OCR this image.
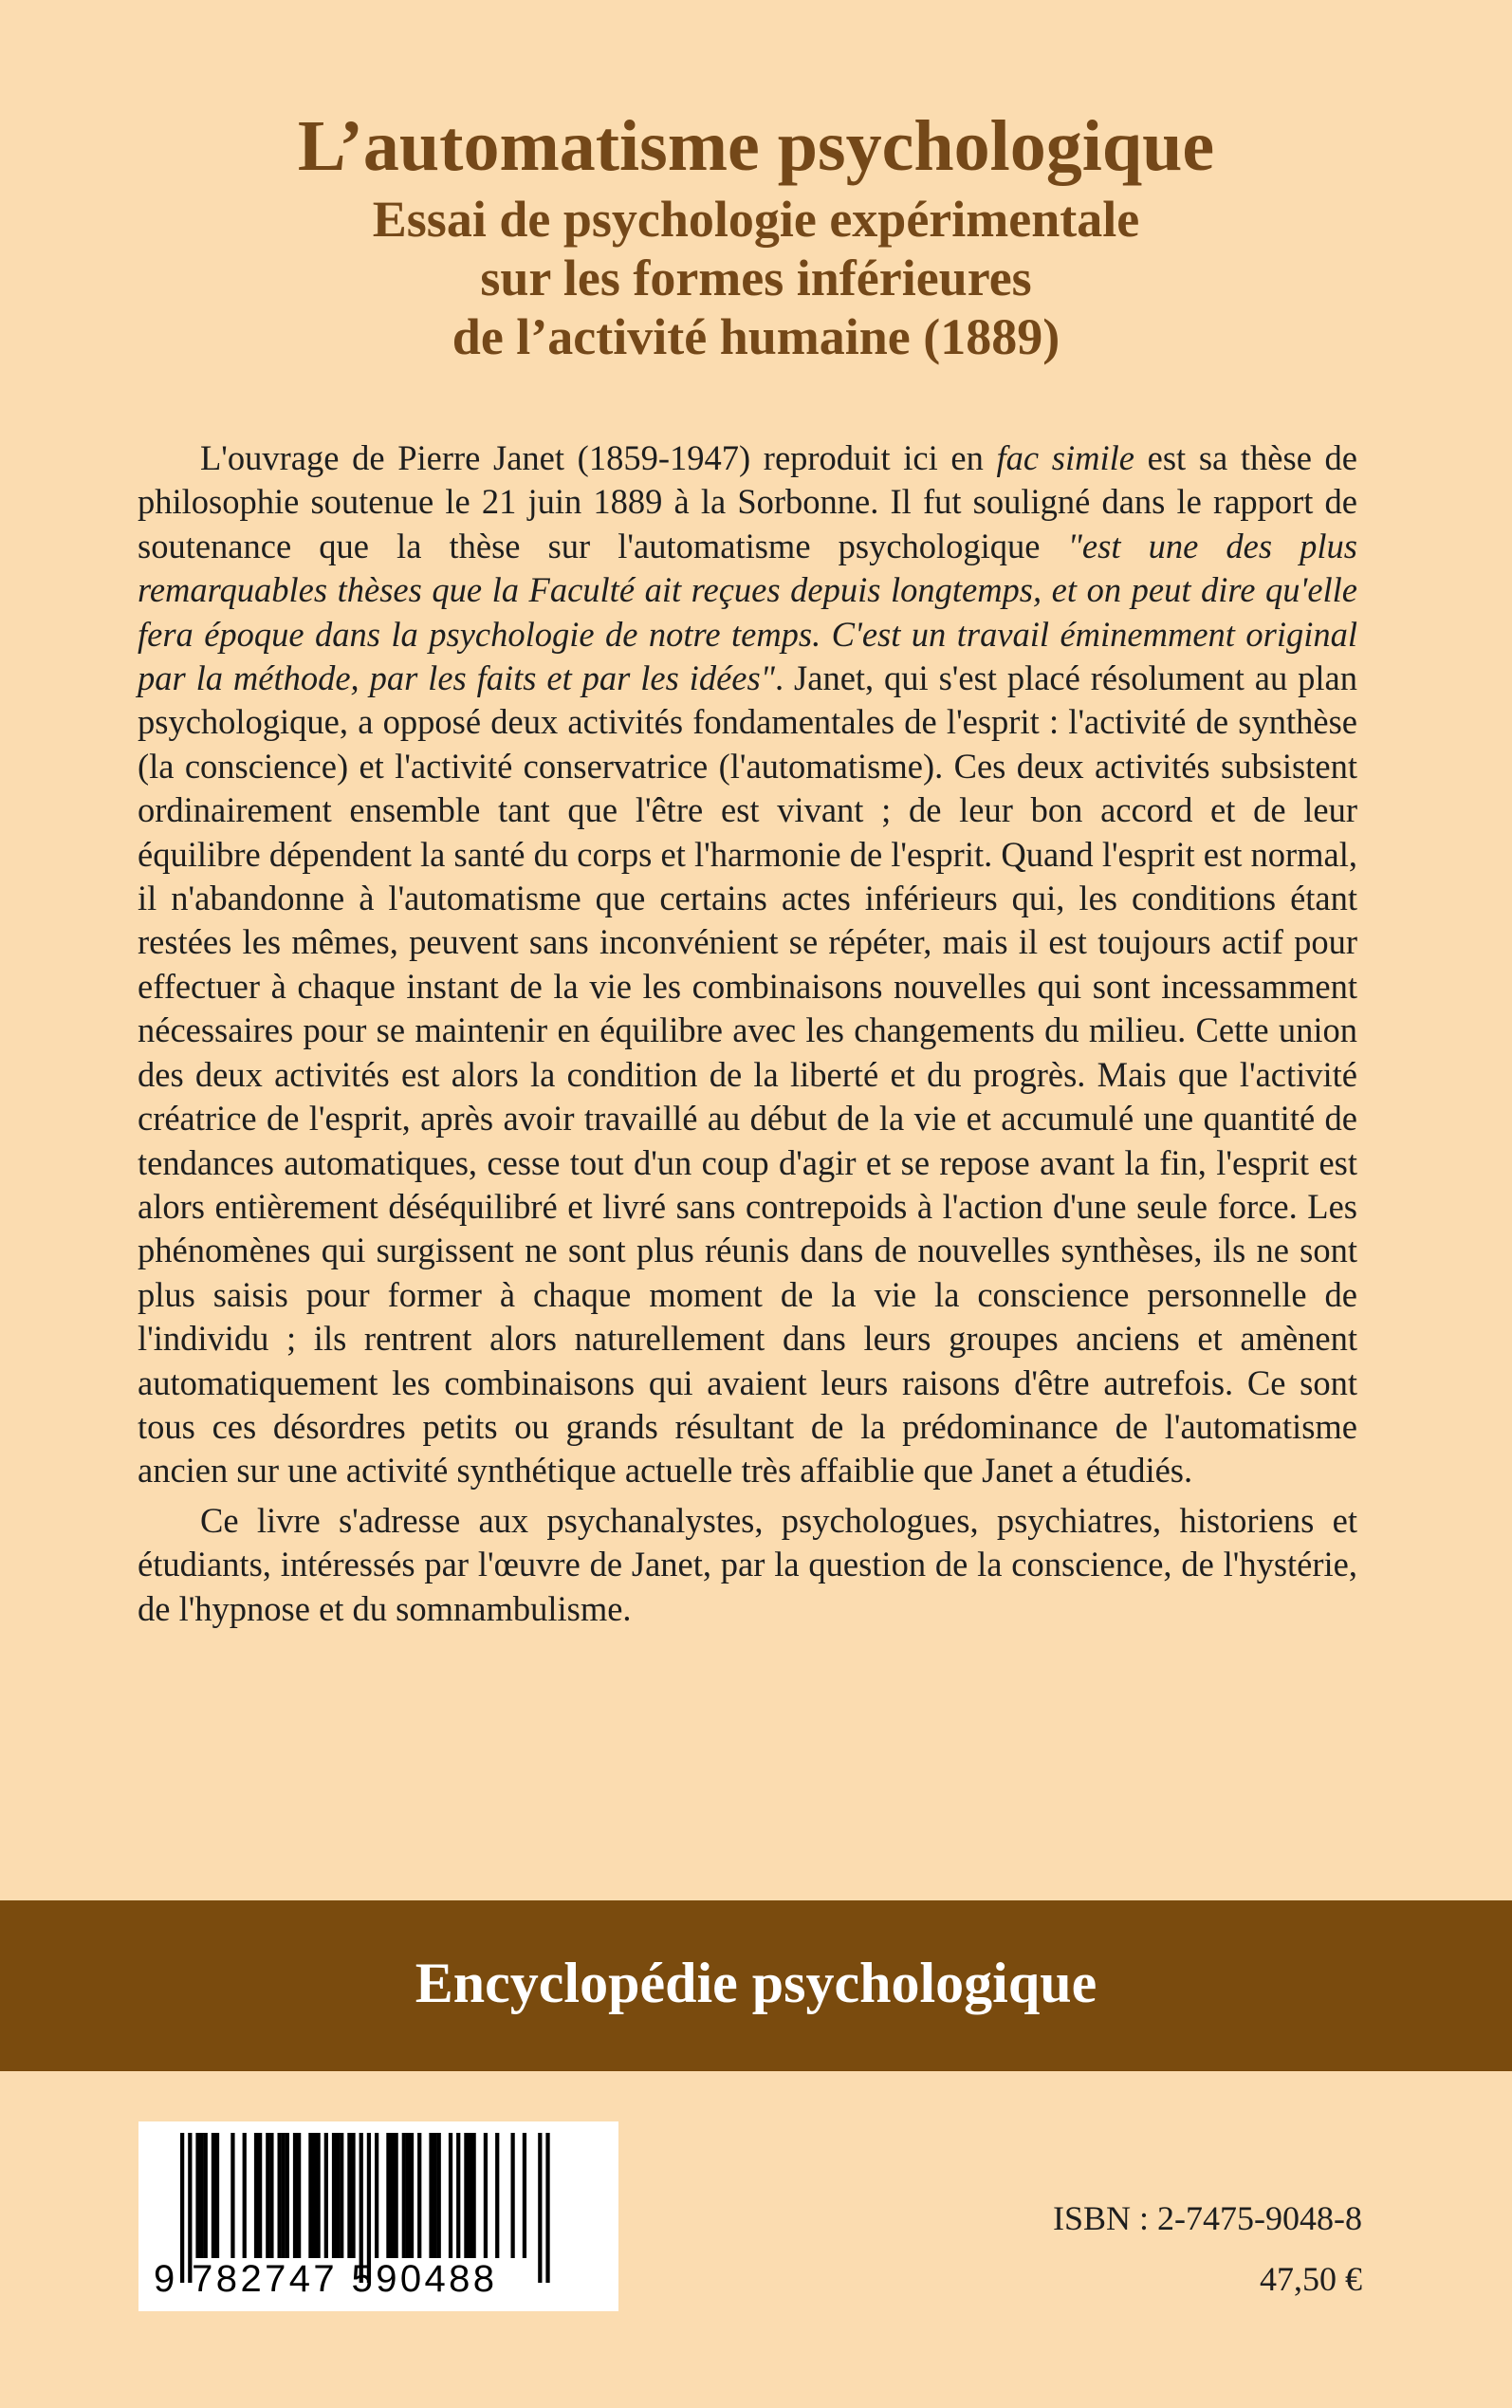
L’automatisme psychologique
Essai de psychologie expérimentale
sur les formes inférieures
de l’activité humaine (1889)

L'ouvrage de Pierre Janet (1859-1947) reproduit ici en fac simile est sa thèse de philosophie soutenue le 21 juin 1889 à la Sorbonne. Il fut souligné dans le rapport de soutenance que la thèse sur l'automatisme psychologique "est une des plus remarquables thèses que la Faculté ait reçues depuis longtemps, et on peut dire qu'elle fera époque dans la psychologie de notre temps. C'est un travail éminemment original par la méthode, par les faits et par les idées". Janet, qui s'est placé résolument au plan psychologique, a opposé deux activités fondamentales de l'esprit : l'activité de synthèse (la conscience) et l'activité conservatrice (l'automatisme). Ces deux activités subsistent ordinairement ensemble tant que l'être est vivant ; de leur bon accord et de leur équilibre dépendent la santé du corps et l'harmonie de l'esprit. Quand l'esprit est normal, il n'abandonne à l'automatisme que certains actes inférieurs qui, les conditions étant restées les mêmes, peuvent sans inconvénient se répéter, mais il est toujours actif pour effectuer à chaque instant de la vie les combinaisons nouvelles qui sont incessamment nécessaires pour se maintenir en équilibre avec les changements du milieu. Cette union des deux activités est alors la condition de la liberté et du progrès. Mais que l'activité créatrice de l'esprit, après avoir travaillé au début de la vie et accumulé une quantité de tendances automatiques, cesse tout d'un coup d'agir et se repose avant la fin, l'esprit est alors entièrement déséquilibré et livré sans contrepoids à l'action d'une seule force. Les phénomènes qui surgissent ne sont plus réunis dans de nouvelles synthèses, ils ne sont plus saisis pour former à chaque moment de la vie la conscience personnelle de l'individu ; ils rentrent alors naturellement dans leurs groupes anciens et amènent automatiquement les combinaisons qui avaient leurs raisons d'être autrefois. Ce sont tous ces désordres petits ou grands résultant de la prédominance de l'automatisme ancien sur une activité synthétique actuelle très affaiblie que Janet a étudiés.

Ce livre s'adresse aux psychanalystes, psychologues, psychiatres, historiens et étudiants, intéressés par l'œuvre de Janet, par la question de la conscience, de l'hystérie, de l'hypnose et du somnambulisme.

Encyclopédie psychologique
9 782747 590488
ISBN : 2-7475-9048-8
47,50 €
